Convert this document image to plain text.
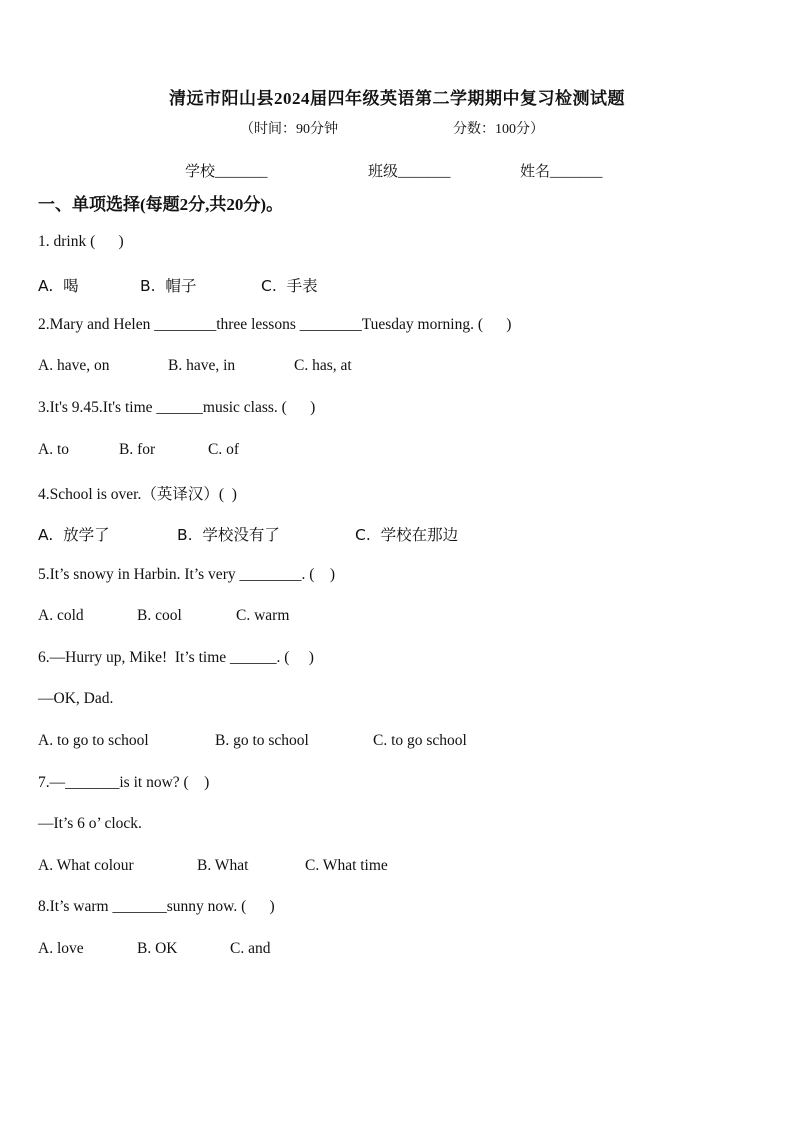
清远市阳山县2024届四年级英语第二学期期中复习检测试题
（时间：90分钟	分数：100分）
学校_______	班级_______	姓名_______
一、单项选择(每题2分,共20分)。
1. drink (      )
A.  喝	B.  帽子	C.  手表
2.Mary and Helen ________three lessons ________Tuesday morning. (      )
A. have, on	B. have, in	C. has, at
3.It's 9.45.It's time ______music class. (      )
A. to	B. for	C. of
4.School is over.（英译汉）(  )
A.  放学了	B.  学校没有了	C.  学校在那边
5.It’s snowy in Harbin. It’s very ________. (    )
A. cold	B. cool	C. warm
6.—Hurry up, Mike!  It’s time ______. (     )
—OK, Dad.
A. to go to school	B. go to school	C. to go school
7.—_______is it now? (    )
—It’s 6 o’ clock.
A. What colour	B. What	C. What time
8.It’s warm _______sunny now. (      )
A. love	B. OK	C. and
